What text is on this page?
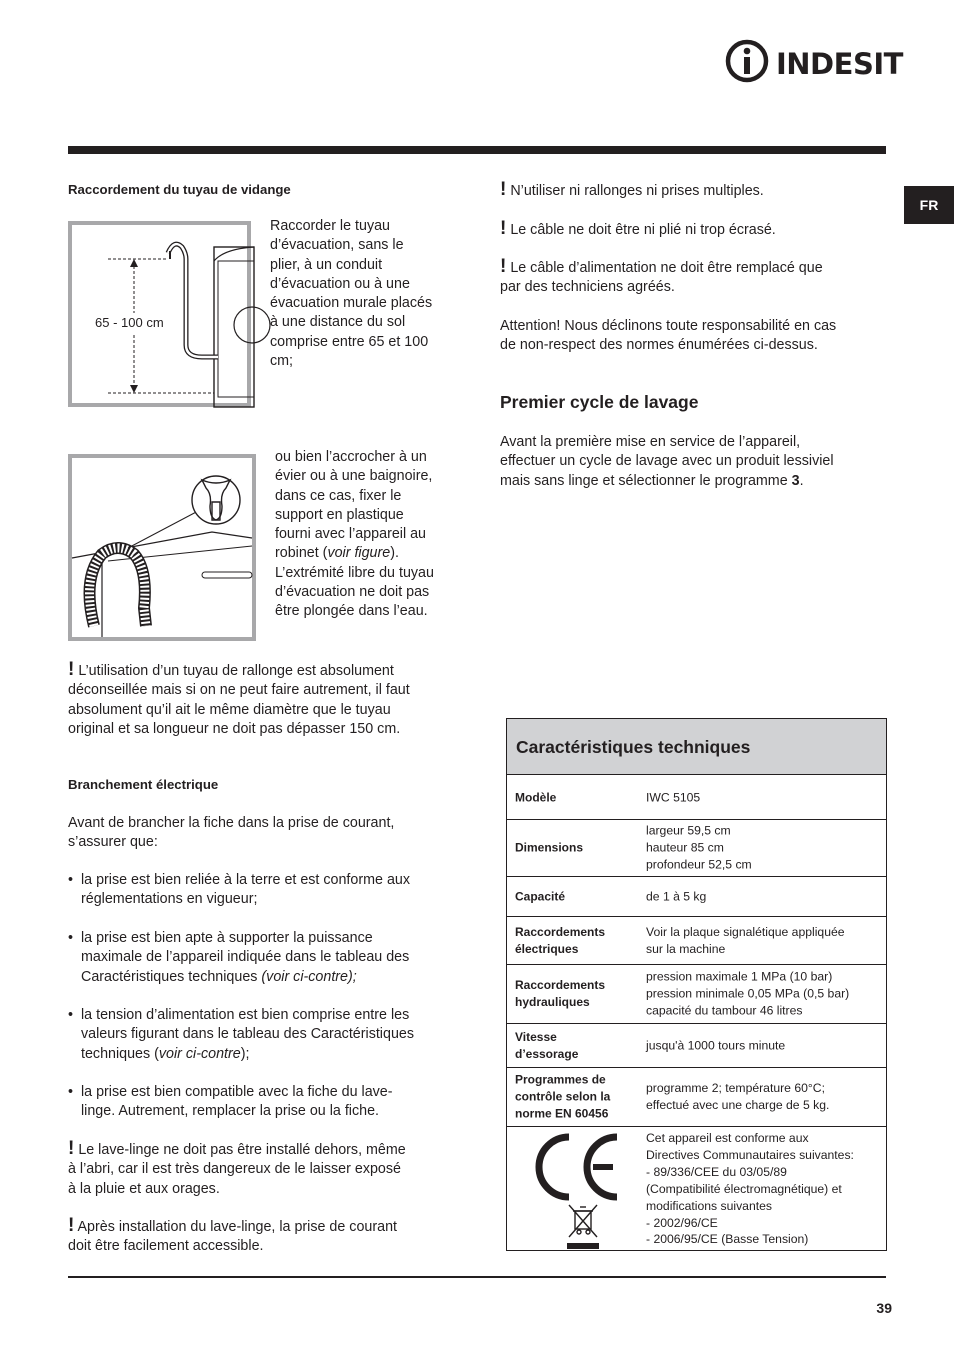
INDESIT
FR
Raccordement du tuyau de vidange
65 - 100 cm
Raccorder le tuyau
d’évacuation, sans le
plier, à un conduit
d’évacuation ou à une
évacuation murale placés
à une distance du sol
comprise entre 65 et 100
cm;
ou bien l’accrocher à un
évier ou à une baignoire,
dans ce cas, fixer le
support en plastique
fourni avec l’appareil au
robinet (voir figure).
L’extrémité libre du tuyau
d’évacuation ne doit pas
être plongée dans l’eau.
! L’utilisation d’un tuyau de rallonge est absolument
déconseillée mais si on ne peut faire autrement, il faut
absolument qu’il ait le même diamètre que le tuyau
original et sa longueur ne doit pas dépasser 150 cm.
Branchement électrique
Avant de brancher la fiche dans la prise de courant,
s’assurer que:
• la prise est bien reliée à la terre et est conforme aux
réglementations en vigueur;
• la prise est bien apte à supporter la puissance
maximale de l’appareil indiquée dans le tableau des
Caractéristiques techniques (voir ci-contre);
• la tension d’alimentation est bien comprise entre les
valeurs figurant dans le tableau des Caractéristiques
techniques (voir ci-contre);
• la prise est bien compatible avec la fiche du lave-
linge. Autrement, remplacer la prise ou la fiche.
! Le lave-linge ne doit pas être installé dehors, même
à l’abri, car il est très dangereux de le laisser exposé
à la pluie et aux orages.
! Après installation du lave-linge, la prise de courant
doit être facilement accessible.
! N’utiliser ni rallonges ni prises multiples.
! Le câble ne doit être ni plié ni trop écrasé.
! Le câble d’alimentation ne doit être remplacé que
par des techniciens agréés.
Attention! Nous déclinons toute responsabilité en cas
de non-respect des normes énumérées ci-dessus.
Premier cycle de lavage
Avant la première mise en service de l’appareil,
effectuer un cycle de lavage avec un produit lessiviel
mais sans linge et sélectionner le programme 3.
Caractéristiques techniques
Modèle	IWC 5105
Dimensions
largeur 59,5 cm
hauteur 85 cm
profondeur 52,5 cm
Capacité	de 1 à 5 kg
Raccordements
électriques
Voir la plaque signalétique appliquée
sur la machine
Raccordements
hydrauliques
pression maximale 1 MPa (10 bar)
pression minimale 0,05 MPa (0,5 bar)
capacité du tambour 46 litres
Vitesse
d’essorage
jusqu'à 1000 tours minute
Programmes de
contrôle selon la
norme EN 60456
programme 2; température 60°C;
effectué avec une charge de 5 kg.
Cet appareil est conforme aux
Directives Communautaires suivantes:
- 89/336/CEE du 03/05/89
(Compatibilité électromagnétique) et
modifications suivantes
- 2002/96/CE
- 2006/95/CE (Basse Tension)
39
